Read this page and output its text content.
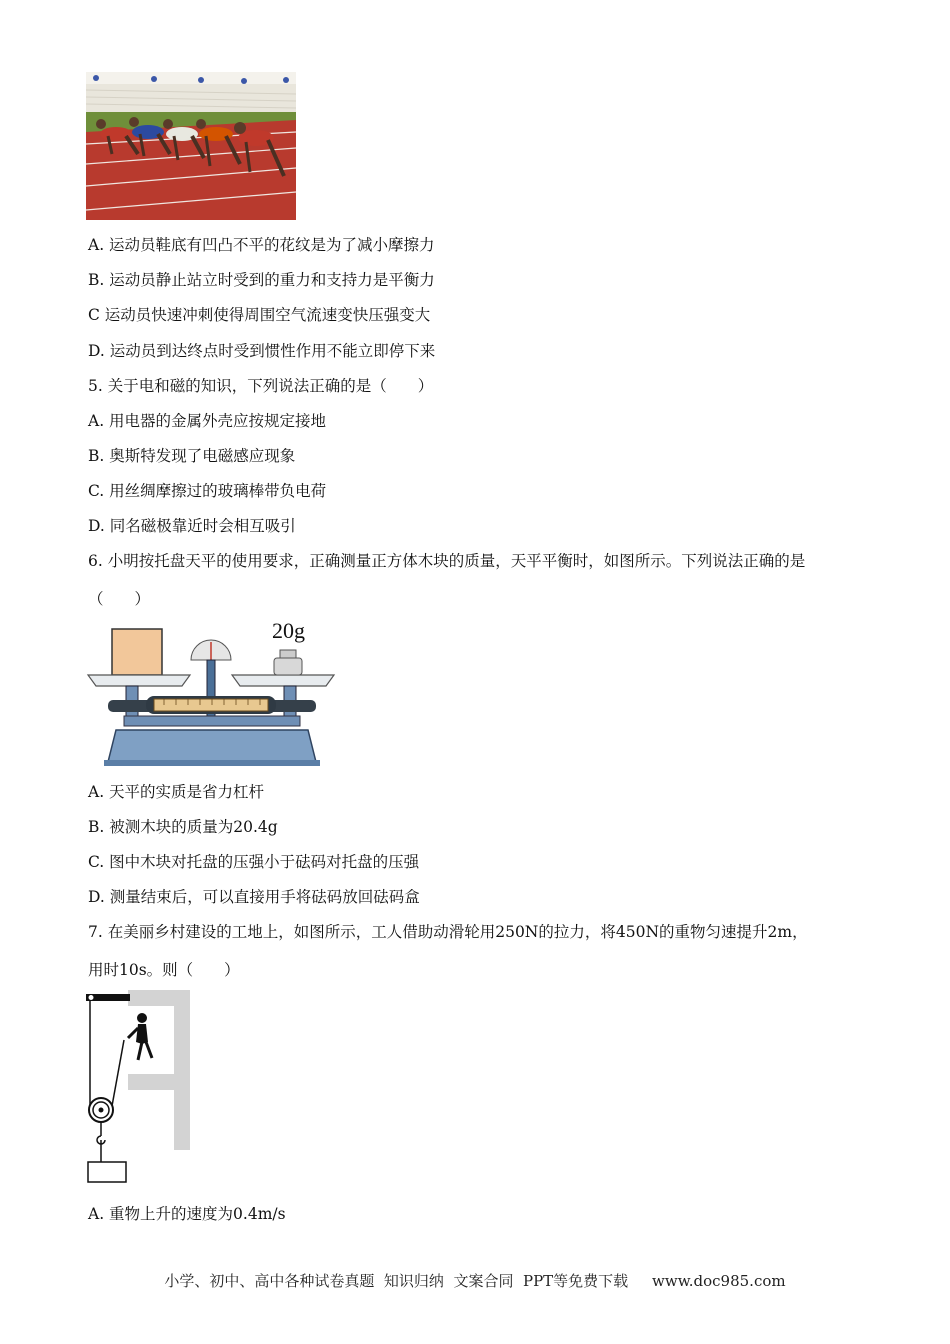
A. 运动员鞋底有凹凸不平的花纹是为了减小摩擦力
B. 运动员静止站立时受到的重力和支持力是平衡力
C 运动员快速冲刺使得周围空气流速变快压强变大
D. 运动员到达终点时受到惯性作用不能立即停下来
5. 关于电和磁的知识，下列说法正确的是（　　）
A. 用电器的金属外壳应按规定接地
B. 奥斯特发现了电磁感应现象
C. 用丝绸摩擦过的玻璃棒带负电荷
D. 同名磁极靠近时会相互吸引
6. 小明按托盘天平的使用要求，正确测量正方体木块的质量，天平平衡时，如图所示。下列说法正确的是
（　　）
20g
A. 天平的实质是省力杠杆
B. 被测木块的质量为20.4g
C. 图中木块对托盘的压强小于砝码对托盘的压强
D. 测量结束后，可以直接用手将砝码放回砝码盒
7. 在美丽乡村建设的工地上，如图所示，工人借助动滑轮用250N的拉力，将450N的重物匀速提升2m，
用时10s。则（　　）
A. 重物上升的速度为0.4m/s
小学、初中、高中各种试卷真题  知识归纳  文案合同  PPT等免费下载     www.doc985.com
